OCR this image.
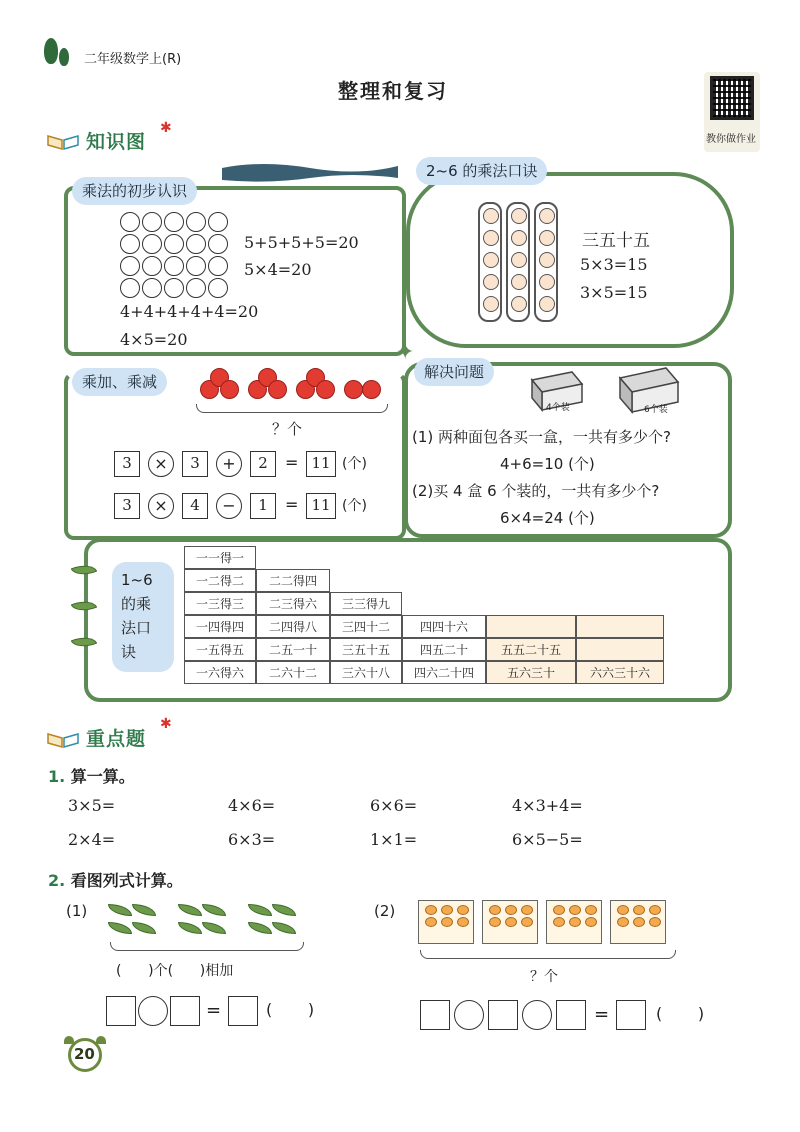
二年级数学上(R)
整理和复习
教你做作业
知识图
✱
乘法的初步认识
5+5+5+5=20
5×4=20
4+4+4+4+4=20
4×5=20
2~6 的乘法口诀
三五十五
5×3=15
3×5=15
✦
乘加、乘减
？个
3	×	3	+	2	= 11 (个)
3	×	4	−	1	= 11 (个)
解决问题
4个装	6个装
(1) 两种面包各买一盒，一共有多少个?
4+6=10 (个)
(2)买 4 盒 6 个装的，一共有多少个?
6×4=24 (个)
1~6 的乘法口诀
一一得一
一二得二	二二得四
一三得三	二三得六	三三得九
一四得四	二四得八	三四十二	四四十六
一五得五	二五一十	三五十五	四五二十	五五二十五
一六得六	二六十二	三六十八	四六二十四	五六三十	六六三十六
重点题
✱
1. 算一算。
3×5=	4×6=	6×6=	4×3+4=
2×4=	6×3=	1×1=	6×5−5=
2. 看图列式计算。
(1)
(      )个(      )相加
=	(       )
(2)
？个
=	(       )
20
